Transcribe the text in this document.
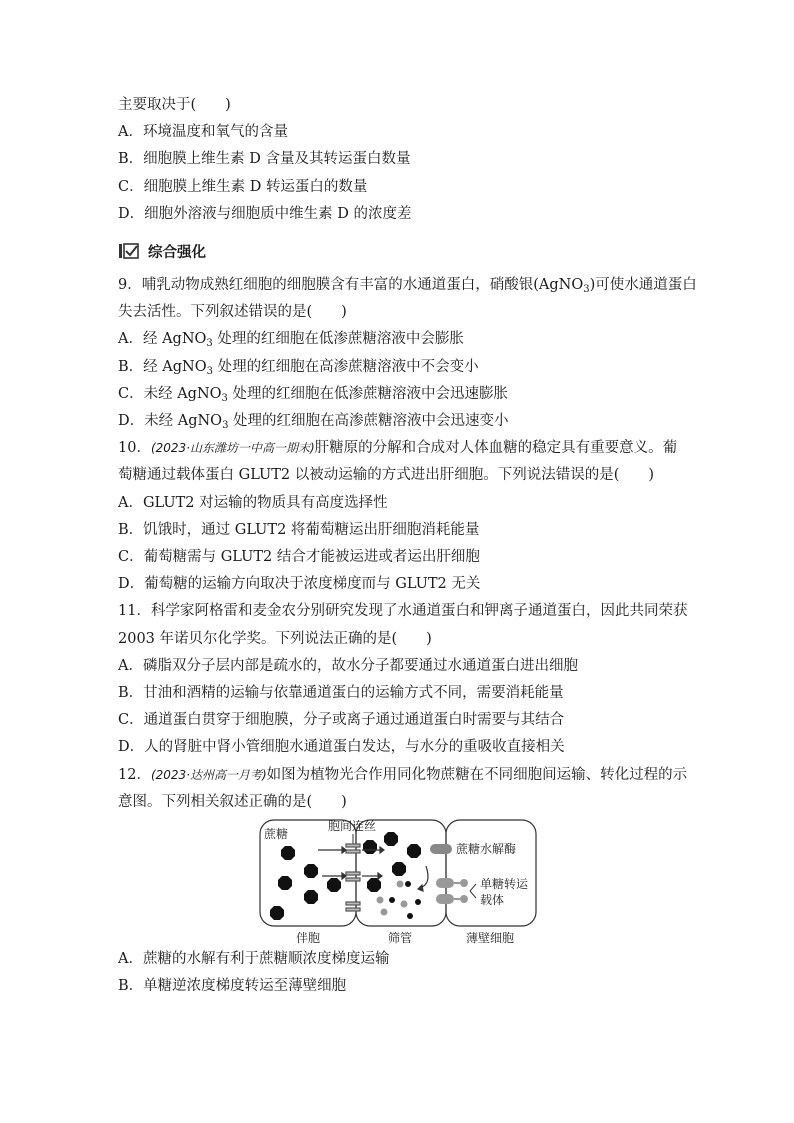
主要取决于(　　)
A．环境温度和氧气的含量
B．细胞膜上维生素 D 含量及其转运蛋白数量
C．细胞膜上维生素 D 转运蛋白的数量
D．细胞外溶液与细胞质中维生素 D 的浓度差
综合强化
9．哺乳动物成熟红细胞的细胞膜含有丰富的水通道蛋白，硝酸银(AgNO$_3$)可使水通道蛋白
失去活性。下列叙述错误的是(　　)
A．经 AgNO$_3$ 处理的红细胞在低渗蔗糖溶液中会膨胀
B．经 AgNO$_3$ 处理的红细胞在高渗蔗糖溶液中不会变小
C．未经 AgNO$_3$ 处理的红细胞在低渗蔗糖溶液中会迅速膨胀
D．未经 AgNO$_3$ 处理的红细胞在高渗蔗糖溶液中会迅速变小
10．(2023·山东潍坊一中高一期末)肝糖原的分解和合成对人体血糖的稳定具有重要意义。葡
萄糖通过载体蛋白 GLUT2 以被动运输的方式进出肝细胞。下列说法错误的是(　　)
A．GLUT2 对运输的物质具有高度选择性
B．饥饿时，通过 GLUT2 将葡萄糖运出肝细胞消耗能量
C．葡萄糖需与 GLUT2 结合才能被运进或者运出肝细胞
D．葡萄糖的运输方向取决于浓度梯度而与 GLUT2 无关
11．科学家阿格雷和麦金农分别研究发现了水通道蛋白和钾离子通道蛋白，因此共同荣获
2003 年诺贝尔化学奖。下列说法正确的是(　　)
A．磷脂双分子层内部是疏水的，故水分子都要通过水通道蛋白进出细胞
B．甘油和酒精的运输与依靠通道蛋白的运输方式不同，需要消耗能量
C．通道蛋白贯穿于细胞膜，分子或离子通过通道蛋白时需要与其结合
D．人的肾脏中肾小管细胞水通道蛋白发达，与水分的重吸收直接相关
12．(2023·达州高一月考)如图为植物光合作用同化物蔗糖在不同细胞间运输、转化过程的示
意图。下列相关叙述正确的是(　　)
蔗糖
胞间连丝
蔗糖水解酶
单糖转运
载体
伴胞	筛管	薄壁细胞
A．蔗糖的水解有利于蔗糖顺浓度梯度运输
B．单糖逆浓度梯度转运至薄壁细胞
